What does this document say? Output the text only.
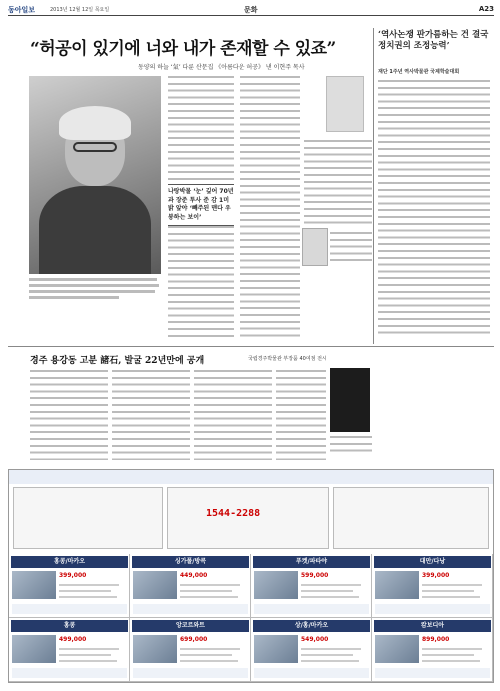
동아일보	2013년 12월 12일 목요일	문화	A23
“허공이 있기에 너와 내가 존재할 수 있죠”
동양의 하늘 ‘氣’ 다룬 산문집 《아름다운 허공》 낸 이현주 목사
나랑박물 ‘눈’ 깊어 70년과 장준 투사 준 감 1미밝 앞야 ‘빼주된 맨다 우봉하는 보이’
‘역사논쟁 판가름하는 건 결국 정치권의 조정능력’
재단 1주년 역사박물관 국제학술대회
경주 용강동 고분 諸石, 발굴 22년만에 공개	국립경주박물관 부장품 40여점 전시
1544-2288
홍콩/마카오
399,000
싱가폴/방콕
449,000
푸켓/파타야
599,000
대만/다낭
399,000
홍콩
499,000
앙코르와트
699,000
상/홍/마카오
549,000
캄보디아
899,000
